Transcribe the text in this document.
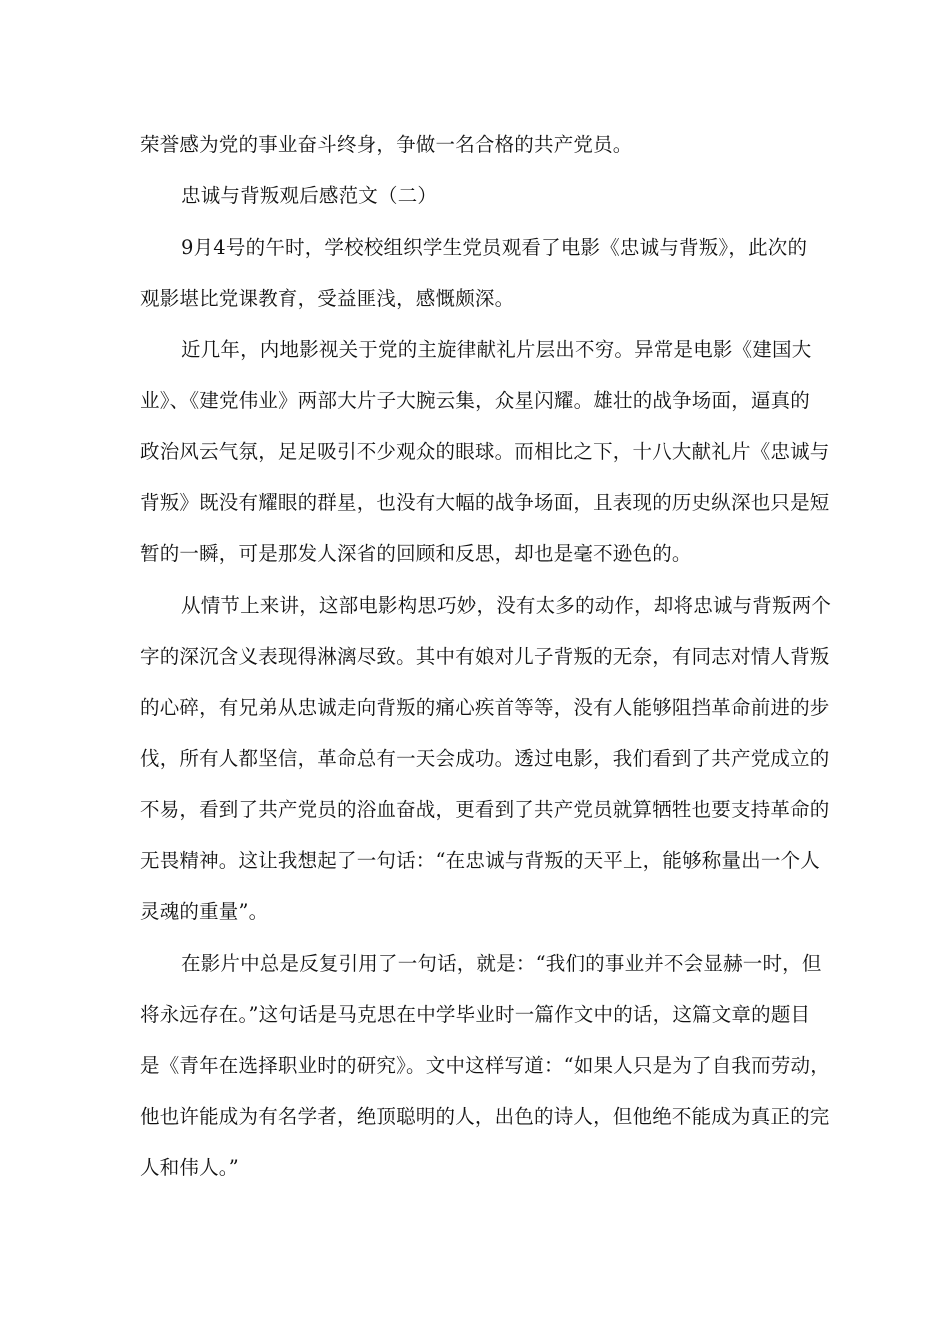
荣誉感为党的事业奋斗终身，争做一名合格的共产党员。
忠诚与背叛观后感范文（二）
9月4号的午时，学校校组织学生党员观看了电影《忠诚与背叛》，此次的
观影堪比党课教育，受益匪浅，感慨颇深。
近几年，内地影视关于党的主旋律献礼片层出不穷。异常是电影《建国大
业》、《建党伟业》两部大片子大腕云集，众星闪耀。雄壮的战争场面，逼真的
政治风云气氛，足足吸引不少观众的眼球。而相比之下，十八大献礼片《忠诚与
背叛》既没有耀眼的群星，也没有大幅的战争场面，且表现的历史纵深也只是短
暂的一瞬，可是那发人深省的回顾和反思，却也是毫不逊色的。
从情节上来讲，这部电影构思巧妙，没有太多的动作，却将忠诚与背叛两个
字的深沉含义表现得淋漓尽致。其中有娘对儿子背叛的无奈，有同志对情人背叛
的心碎，有兄弟从忠诚走向背叛的痛心疾首等等，没有人能够阻挡革命前进的步
伐，所有人都坚信，革命总有一天会成功。透过电影，我们看到了共产党成立的
不易，看到了共产党员的浴血奋战，更看到了共产党员就算牺牲也要支持革命的
无畏精神。这让我想起了一句话：“在忠诚与背叛的天平上，能够称量出一个人
灵魂的重量”。
在影片中总是反复引用了一句话，就是：“我们的事业并不会显赫一时，但
将永远存在。”这句话是马克思在中学毕业时一篇作文中的话，这篇文章的题目
是《青年在选择职业时的研究》。文中这样写道：“如果人只是为了自我而劳动，
他也许能成为有名学者，绝顶聪明的人，出色的诗人，但他绝不能成为真正的完
人和伟人。”
